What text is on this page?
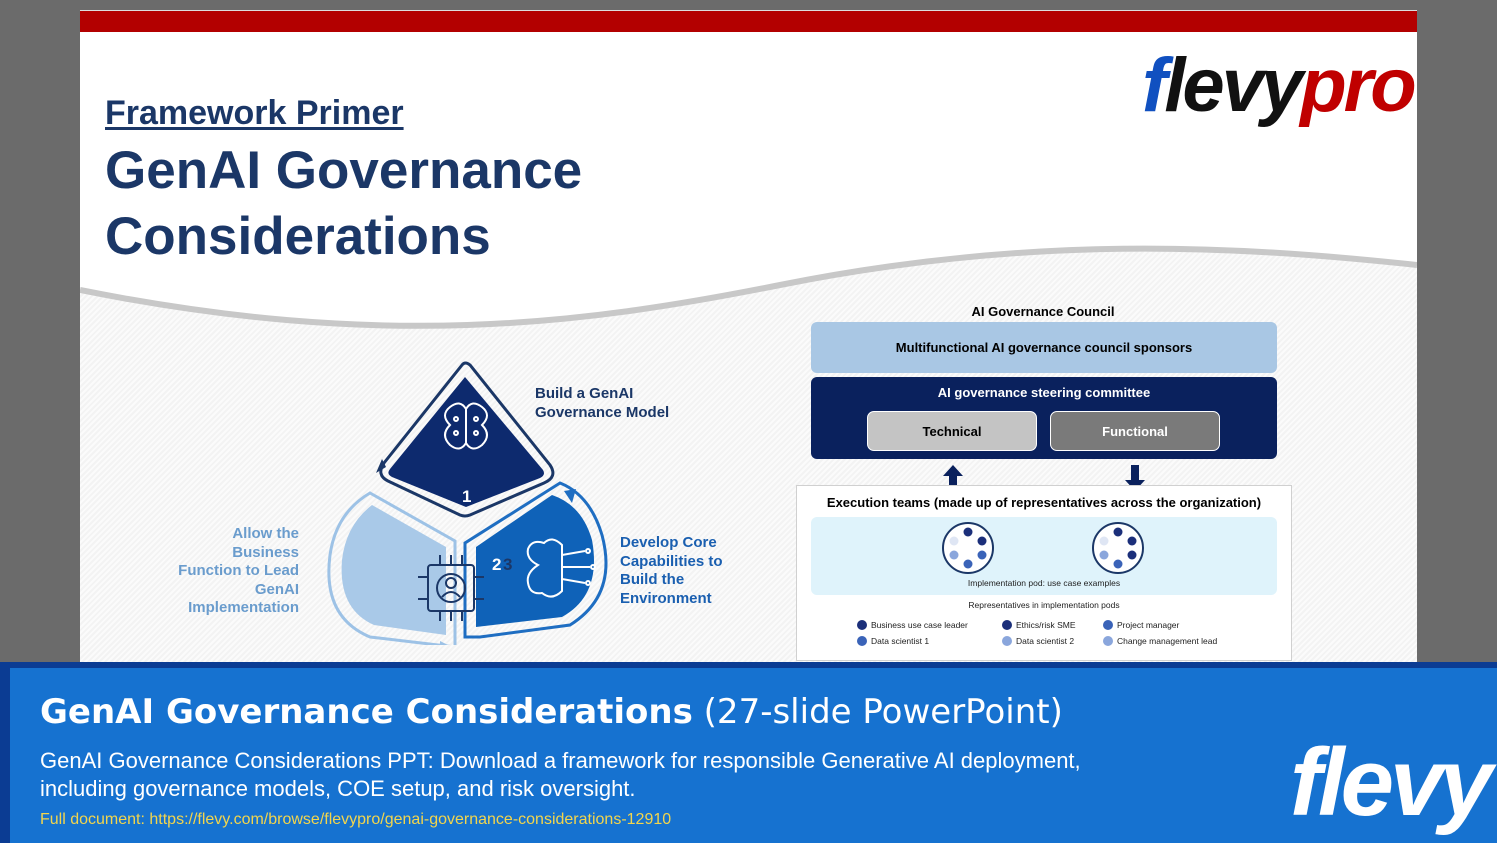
Framework Primer
GenAI Governance Considerations
flevypro
1
2 3
Build a GenAI
Governance Model
Develop Core
Capabilities to
Build the
Environment
Allow the
Business
Function to Lead
GenAI
Implementation
AI Governance Council
Multifunctional AI governance council sponsors
AI governance steering committee
Technical	Functional
Execution teams (made up of representatives across the organization)
Implementation pod: use case examples
Representatives in implementation pods
Business use case leader	Ethics/risk SME	Project manager
Data scientist 1	Data scientist 2	Change management lead
GenAI Governance Considerations (27-slide PowerPoint)
GenAI Governance Considerations PPT: Download a framework for responsible Generative AI deployment, including governance models, COE setup, and risk oversight.
Full document: https://flevy.com/browse/flevypro/genai-governance-considerations-12910	flevy
